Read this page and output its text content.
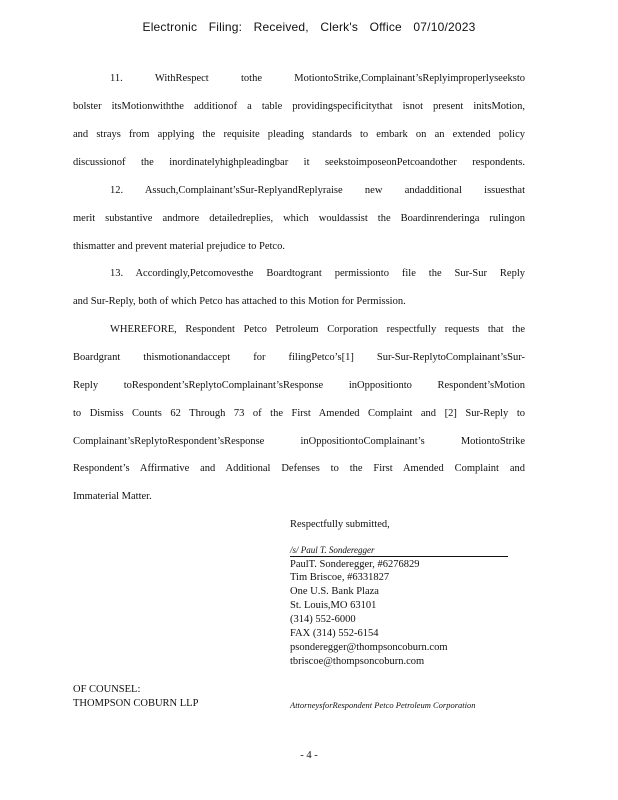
Electronic Filing: Received, Clerk's Office 07/10/2023
11. WithRespect tothe MotiontoStrike,Complainant’sReplyimproperlyseeksto
bolster itsMotionwiththe additionof a table providingspecificitythat isnot present initsMotion,
and strays from applying the requisite pleading standards to embark on an extended policy
discussionof the inordinatelyhighpleadingbar it seekstoimposeonPetcoandother respondents.
12. Assuch,Complainant’sSur-ReplyandReplyraise new andadditional issuesthat
merit substantive andmore detailedreplies, which wouldassist the Boardinrenderinga rulingon
thismatter and prevent material prejudice to Petco.
13. Accordingly,Petcomovesthe Boardtogrant permissionto file the Sur-Sur Reply
and Sur-Reply, both of which Petco has attached to this Motion for Permission.
WHEREFORE, Respondent Petco Petroleum Corporation respectfully requests that the
Boardgrant thismotionandaccept for filingPetco’s[1] Sur-Sur-ReplytoComplainant’sSur-
Reply toRespondent’sReplytoComplainant’sResponse inOppositionto Respondent’sMotion
to Dismiss Counts 62 Through 73 of the First Amended Complaint and [2] Sur-Reply to
Complainant’sReplytoRespondent’sResponse inOppositiontoComplainant’s MotiontoStrike
Respondent’s Affirmative and Additional Defenses to the First Amended Complaint and
Immaterial Matter.
Respectfully submitted,
/s/ Paul T. Sonderegger
PaulT. Sonderegger, #6276829
Tim Briscoe, #6331827
One U.S. Bank Plaza
St. Louis,MO 63101
(314) 552-6000
FAX (314) 552-6154
psonderegger@thompsoncoburn.com
tbriscoe@thompsoncoburn.com
OF COUNSEL:
THOMPSON COBURN LLP	AttorneysforRespondent Petco Petroleum Corporation
- 4 -
